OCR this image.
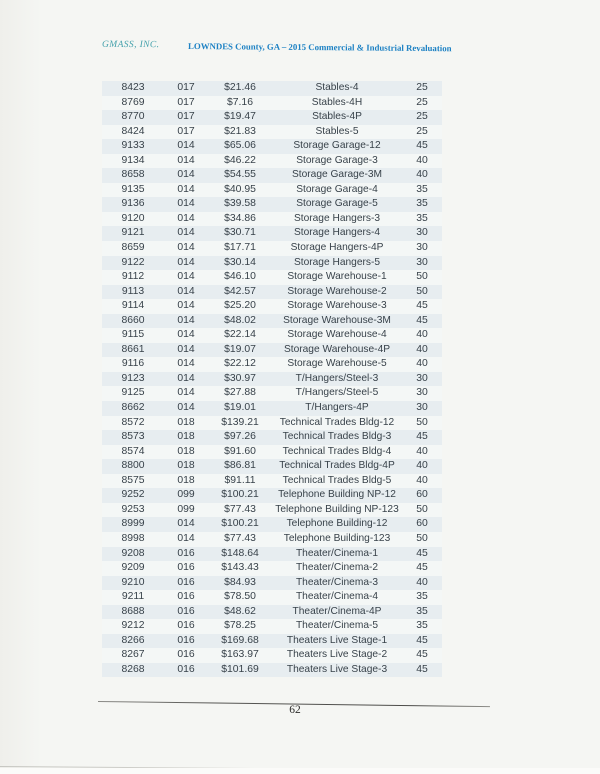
GMASS, INC.	LOWNDES County, GA – 2015 Commercial & Industrial Revaluation
8423	017	$21.46	Stables-4	25
8769	017	$7.16	Stables-4H	25
8770	017	$19.47	Stables-4P	25
8424	017	$21.83	Stables-5	25
9133	014	$65.06	Storage Garage-12	45
9134	014	$46.22	Storage Garage-3	40
8658	014	$54.55	Storage Garage-3M	40
9135	014	$40.95	Storage Garage-4	35
9136	014	$39.58	Storage Garage-5	35
9120	014	$34.86	Storage Hangers-3	35
9121	014	$30.71	Storage Hangers-4	30
8659	014	$17.71	Storage Hangers-4P	30
9122	014	$30.14	Storage Hangers-5	30
9112	014	$46.10	Storage Warehouse-1	50
9113	014	$42.57	Storage Warehouse-2	50
9114	014	$25.20	Storage Warehouse-3	45
8660	014	$48.02	Storage Warehouse-3M	45
9115	014	$22.14	Storage Warehouse-4	40
8661	014	$19.07	Storage Warehouse-4P	40
9116	014	$22.12	Storage Warehouse-5	40
9123	014	$30.97	T/Hangers/Steel-3	30
9125	014	$27.88	T/Hangers/Steel-5	30
8662	014	$19.01	T/Hangers-4P	30
8572	018	$139.21	Technical Trades Bldg-12	50
8573	018	$97.26	Technical Trades Bldg-3	45
8574	018	$91.60	Technical Trades Bldg-4	40
8800	018	$86.81	Technical Trades Bldg-4P	40
8575	018	$91.11	Technical Trades Bldg-5	40
9252	099	$100.21	Telephone Building NP-12	60
9253	099	$77.43	Telephone Building NP-123	50
8999	014	$100.21	Telephone Building-12	60
8998	014	$77.43	Telephone Building-123	50
9208	016	$148.64	Theater/Cinema-1	45
9209	016	$143.43	Theater/Cinema-2	45
9210	016	$84.93	Theater/Cinema-3	40
9211	016	$78.50	Theater/Cinema-4	35
8688	016	$48.62	Theater/Cinema-4P	35
9212	016	$78.25	Theater/Cinema-5	35
8266	016	$169.68	Theaters Live Stage-1	45
8267	016	$163.97	Theaters Live Stage-2	45
8268	016	$101.69	Theaters Live Stage-3	45
62
